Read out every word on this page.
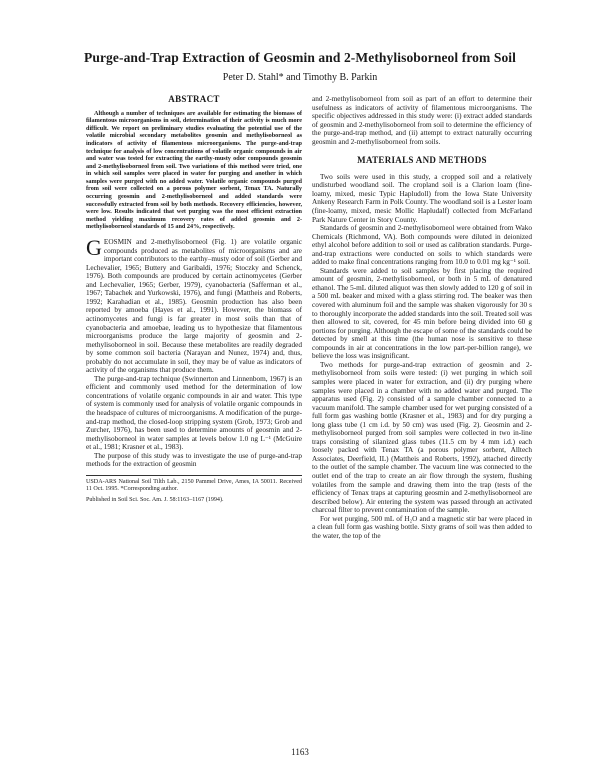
Purge-and-Trap Extraction of Geosmin and 2-Methylisoborneol from Soil
Peter D. Stahl* and Timothy B. Parkin
ABSTRACT

Although a number of techniques are available for estimating the biomass of filamentous microorganisms in soil, determination of their activity is much more difficult. We report on preliminary studies evaluating the potential use of the volatile microbial secondary metabolites geosmin and methylisoborneol as indicators of activity of filamentous microorganisms. The purge-and-trap technique for analysis of low concentrations of volatile organic compounds in air and water was tested for extracting the earthy-musty odor compounds geosmin and 2-methylisoborneol from soil. Two variations of this method were tried, one in which soil samples were placed in water for purging and another in which samples were purged with no added water. Volatile organic compounds purged from soil were collected on a porous polymer sorbent, Tenax TA. Naturally occurring geosmin and 2-methylisoborneol and added standards were successfully extracted from soil by both methods. Recovery efficiencies, however, were low. Results indicated that wet purging was the most efficient extraction method yielding maximum recovery rates of added geosmin and 2-methylisoborneol standards of 15 and 24%, respectively.

GEOSMIN and 2-methylisoborneol (Fig. 1) are volatile organic compounds produced as metabolites of microorganisms and are important contributors to the earthy–musty odor of soil (Gerber and Lechevalier, 1965; Buttery and Garibaldi, 1976; Stoczky and Schenck, 1976). Both compounds are produced by certain actinomycetes (Gerber and Lechevalier, 1965; Gerber, 1979), cyanobacteria (Safferman et al., 1967; Tabachek and Yurkowski, 1976), and fungi (Mattheis and Roberts, 1992; Karahadian et al., 1985). Geosmin production has also been reported by amoeba (Hayes et al., 1991). However, the biomass of actinomycetes and fungi is far greater in most soils than that of cyanobacteria and amoebae, leading us to hypothesize that filamentous microorganisms produce the large majority of geosmin and 2-methylisoborneol in soil. Because these metabolites are readily degraded by some common soil bacteria (Narayan and Nunez, 1974) and, thus, probably do not accumulate in soil, they may be of value as indicators of activity of the organisms that produce them.

The purge-and-trap technique (Swinnerton and Linnenbom, 1967) is an efficient and commonly used method for the determination of low concentrations of volatile organic compounds in air and water. This type of system is commonly used for analysis of volatile organic compounds in the headspace of cultures of microorganisms. A modification of the purge-and-trap method, the closed-loop stripping system (Grob, 1973; Grob and Zurcher, 1976), has been used to determine amounts of geosmin and 2-methylisoborneol in water samples at levels below 1.0 ng L⁻¹ (McGuire et al., 1981; Krasner et al., 1983).

The purpose of this study was to investigate the use of purge-and-trap methods for the extraction of geosmin

USDA-ARS National Soil Tilth Lab., 2150 Pammel Drive, Ames, IA 50011. Received 11 Oct. 1995. *Corresponding author.

Published in Soil Sci. Soc. Am. J. 58:1163–1167 (1994).

and 2-methylisoborneol from soil as part of an effort to determine their usefulness as indicators of activity of filamentous microorganisms. The specific objectives addressed in this study were: (i) extract added standards of geosmin and 2-methylisoborneol from soil to determine the efficiency of the purge-and-trap method, and (ii) attempt to extract naturally occurring geosmin and 2-methylisoborneol from soils.

MATERIALS AND METHODS

Two soils were used in this study, a cropped soil and a relatively undisturbed woodland soil. The cropland soil is a Clarion loam (fine-loamy, mixed, mesic Typic Hapludoll) from the Iowa State University Ankeny Research Farm in Polk County. The woodland soil is a Lester loam (fine-loamy, mixed, mesic Mollic Hapludalf) collected from McFarland Park Nature Center in Story County.

Standards of geosmin and 2-methylisoborneol were obtained from Wako Chemicals (Richmond, VA). Both compounds were diluted in deionized ethyl alcohol before addition to soil or used as calibration standards. Purge-and-trap extractions were conducted on soils to which standards were added to make final concentrations ranging from 10.0 to 0.01 mg kg⁻¹ soil.

Standards were added to soil samples by first placing the required amount of geosmin, 2-methylisoborneol, or both in 5 mL of denatured ethanol. The 5-mL diluted aliquot was then slowly added to 120 g of soil in a 500 mL beaker and mixed with a glass stirring rod. The beaker was then covered with aluminum foil and the sample was shaken vigorously for 30 s to thoroughly incorporate the added standards into the soil. Treated soil was then allowed to sit, covered, for 45 min before being divided into 60 g portions for purging. Although the escape of some of the standards could be detected by smell at this time (the human nose is sensitive to these compounds in air at concentrations in the low part-per-billion range), we believe the loss was insignificant.

Two methods for purge-and-trap extraction of geosmin and 2-methylisoborneol from soils were tested: (i) wet purging in which soil samples were placed in water for extraction, and (ii) dry purging where samples were placed in a chamber with no added water and purged. The apparatus used (Fig. 2) consisted of a sample chamber connected to a vacuum manifold. The sample chamber used for wet purging consisted of a full form gas washing bottle (Krasner et al., 1983) and for dry purging a long glass tube (1 cm i.d. by 50 cm) was used (Fig. 2). Geosmin and 2-methylisoborneol purged from soil samples were collected in two in-line traps consisting of silanized glass tubes (11.5 cm by 4 mm i.d.) each loosely packed with Tenax TA (a porous polymer sorbent, Alltech Associates, Deerfield, IL) (Mattheis and Roberts, 1992), attached directly to the outlet of the sample chamber. The vacuum line was connected to the outlet end of the trap to create an air flow through the system, flushing volatiles from the sample and drawing them into the trap (tests of the efficiency of Tenax traps at capturing geosmin and 2-methylisoborneol are described below). Air entering the system was passed through an activated charcoal filter to prevent contamination of the sample.

For wet purging, 500 mL of H₂O and a magnetic stir bar were placed in a clean full form gas washing bottle. Sixty grams of soil was then added to the water, the top of the

1163
